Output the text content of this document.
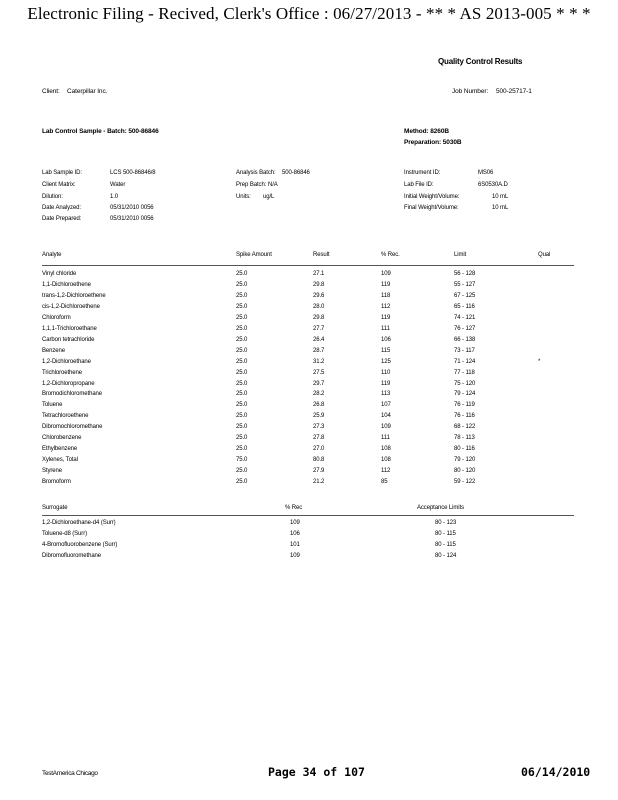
Electronic Filing - Recived, Clerk's Office : 06/27/2013 - ** * AS 2013-005 * * *
Quality Control Results
Client: Caterpillar Inc.	Job Number: 500-25717-1
Lab Control Sample - Batch: 500-86846	Method: 8260B
Preparation: 5030B
Lab Sample ID:	LCS 500-86846/8
Client Matrix:	Water
Dilution:	1.0
Date Analyzed:	05/31/2010 0056
Date Prepared:	05/31/2010 0056
Analysis Batch: 500-86846
Prep Batch: N/A
Units: ug/L
Instrument ID:	MS06
Lab File ID:	6S0530A.D
Initial Weight/Volume:	10 mL
Final Weight/Volume:	10 mL
Analyte	Spike Amount	Result	% Rec.	Limit	Qual
Vinyl chloride	25.0	27.1	109	56 - 128
1,1-Dichloroethene	25.0	29.8	119	55 - 127
trans-1,2-Dichloroethene	25.0	29.6	118	67 - 125
cis-1,2-Dichloroethene	25.0	28.0	112	65 - 116
Chloroform	25.0	29.8	119	74 - 121
1,1,1-Trichloroethane	25.0	27.7	111	76 - 127
Carbon tetrachloride	25.0	26.4	106	66 - 138
Benzene	25.0	28.7	115	73 - 117
1,2-Dichloroethane	25.0	31.2	125	71 - 124	*
Trichloroethene	25.0	27.5	110	77 - 118
1,2-Dichloropropane	25.0	29.7	119	75 - 120
Bromodichloromethane	25.0	28.2	113	79 - 124
Toluene	25.0	26.8	107	76 - 119
Tetrachloroethene	25.0	25.9	104	76 - 116
Dibromochloromethane	25.0	27.3	109	68 - 122
Chlorobenzene	25.0	27.8	111	78 - 113
Ethylbenzene	25.0	27.0	108	80 - 116
Xylenes, Total	75.0	80.8	108	79 - 120
Styrene	25.0	27.9	112	80 - 120
Bromoform	25.0	21.2	85	59 - 122
Surrogate	% Rec	Acceptance Limits
1,2-Dichloroethane-d4 (Surr)	109	80 - 123
Toluene-d8 (Surr)	106	80 - 115
4-Bromofluorobenzene (Surr)	101	80 - 115
Dibromofluoromethane	109	80 - 124
TestAmerica Chicago	Page 34 of 107	06/14/2010
